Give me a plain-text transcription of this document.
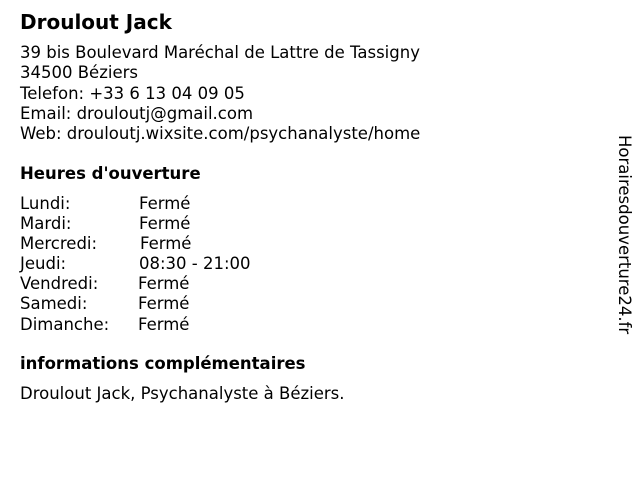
Droulout Jack
39 bis Boulevard Maréchal de Lattre de Tassigny
34500 Béziers
Telefon: +33 6 13 04 09 05
Email: drouloutj@gmail.com
Web: drouloutj.wixsite.com/psychanalyste/home
Heures d'ouverture
Lundi:	Fermé
Mardi:	Fermé
Mercredi:	Fermé
Jeudi:	08:30 - 21:00
Vendredi: Fermé
Samedi:	Fermé
Dimanche: Fermé
informations complémentaires
Droulout Jack, Psychanalyste à Béziers.
Horairesdouverture24.fr
